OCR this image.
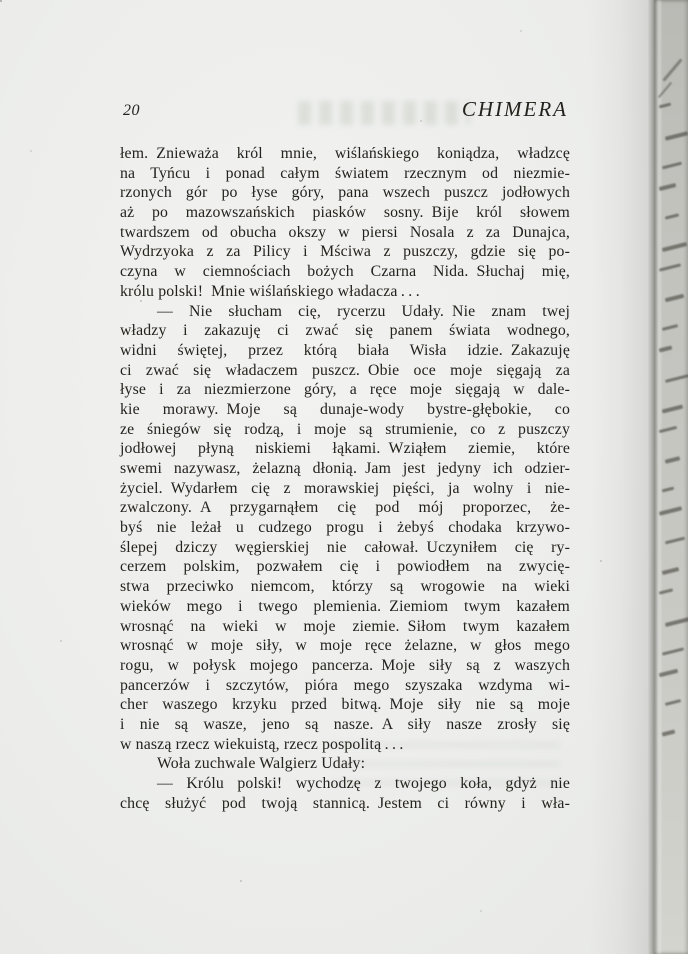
20	CHIMERA
łem. Znieważa król mnie, wiślańskiego koniądza, władzcę
na Tyńcu i ponad całym światem rzecznym od niezmie-
rzonych gór po łyse góry, pana wszech puszcz jodłowych
aż po mazowszańskich piasków sosny. Bije król słowem
twardszem od obucha okszy w piersi Nosala z za Dunajca,
Wydrzyoka z za Pilicy i Mściwa z puszczy, gdzie się po-
czyna w ciemnościach bożych Czarna Nida. Słuchaj mię,
królu polski! Mnie wiślańskiego władacza . . .
— Nie słucham cię, rycerzu Udały. Nie znam twej
władzy i zakazuję ci zwać się panem świata wodnego,
widni świętej, przez którą biała Wisła idzie. Zakazuję
ci zwać się władaczem puszcz. Obie oce moje sięgają za
łyse i za niezmierzone góry, a ręce moje sięgają w dale-
kie morawy. Moje są dunaje-wody bystre-głębokie, co
ze śniegów się rodzą, i moje są strumienie, co z puszczy
jodłowej płyną niskiemi łąkami. Wziąłem ziemie, które
swemi nazywasz, żelazną dłonią. Jam jest jedyny ich odzier-
życiel. Wydarłem cię z morawskiej pięści, ja wolny i nie-
zwalczony. A przygarnąłem cię pod mój proporzec, że-
byś nie leżał u cudzego progu i żebyś chodaka krzywo-
ślepej dziczy węgierskiej nie całował. Uczyniłem cię ry-
cerzem polskim, pozwałem cię i powiodłem na zwycię-
stwa przeciwko niemcom, którzy są wrogowie na wieki
wieków mego i twego plemienia. Ziemiom twym kazałem
wrosnąć na wieki w moje ziemie. Siłom twym kazałem
wrosnąć w moje siły, w moje ręce żelazne, w głos mego
rogu, w połysk mojego pancerza. Moje siły są z waszych
pancerzów i szczytów, pióra mego szyszaka wzdyma wi-
cher waszego krzyku przed bitwą. Moje siły nie są moje
i nie są wasze, jeno są nasze. A siły nasze zrosły się
w naszą rzecz wiekuistą, rzecz pospolitą . . .
Woła zuchwale Walgierz Udały:
— Królu polski! wychodzę z twojego koła, gdyż nie
chcę służyć pod twoją stannicą. Jestem ci równy i wła-
